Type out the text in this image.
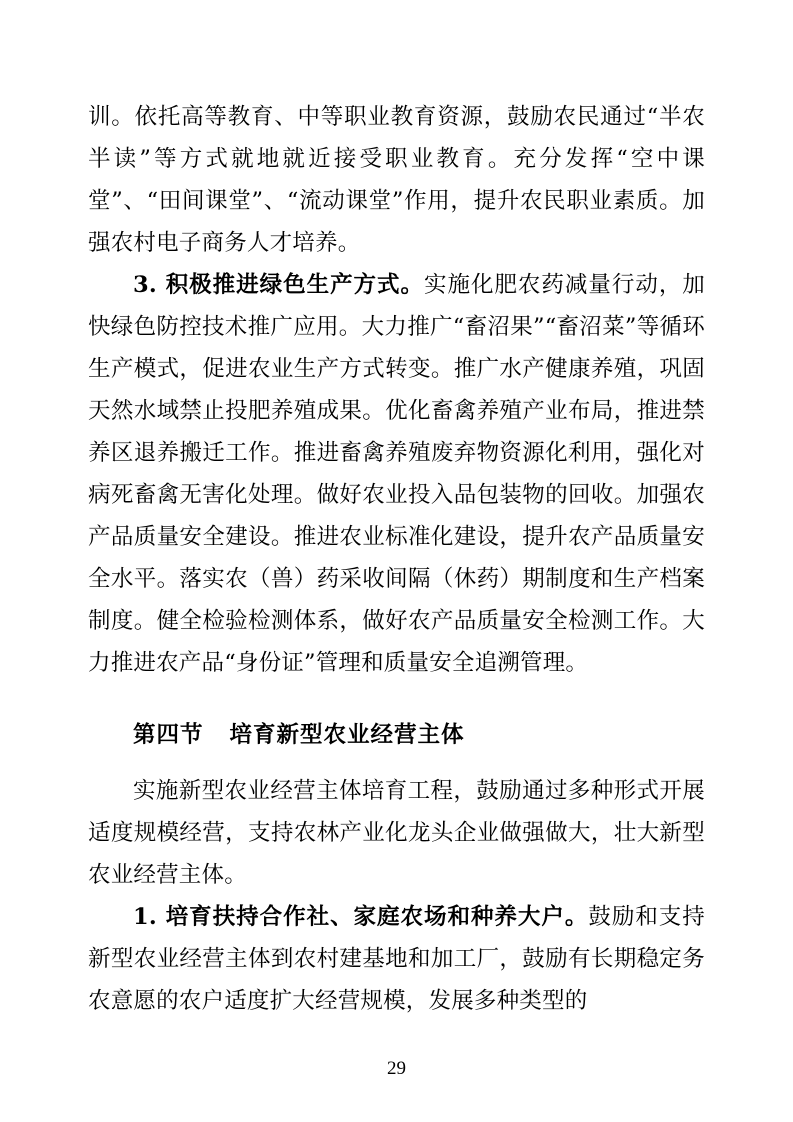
训。依托高等教育、中等职业教育资源，鼓励农民通过“半农半读”等方式就地就近接受职业教育。充分发挥“空中课堂”、“田间课堂”、“流动课堂”作用，提升农民职业素质。加强农村电子商务人才培养。

3. 积极推进绿色生产方式。实施化肥农药减量行动，加快绿色防控技术推广应用。大力推广“畜沼果”“畜沼菜”等循环生产模式，促进农业生产方式转变。推广水产健康养殖，巩固天然水域禁止投肥养殖成果。优化畜禽养殖产业布局，推进禁养区退养搬迁工作。推进畜禽养殖废弃物资源化利用，强化对病死畜禽无害化处理。做好农业投入品包装物的回收。加强农产品质量安全建设。推进农业标准化建设，提升农产品质量安全水平。落实农（兽）药采收间隔（休药）期制度和生产档案制度。健全检验检测体系，做好农产品质量安全检测工作。大力推进农产品“身份证”管理和质量安全追溯管理。

第四节 培育新型农业经营主体

实施新型农业经营主体培育工程，鼓励通过多种形式开展适度规模经营，支持农林产业化龙头企业做强做大，壮大新型农业经营主体。

1. 培育扶持合作社、家庭农场和种养大户。鼓励和支持新型农业经营主体到农村建基地和加工厂，鼓励有长期稳定务农意愿的农户适度扩大经营规模，发展多种类型的

29
